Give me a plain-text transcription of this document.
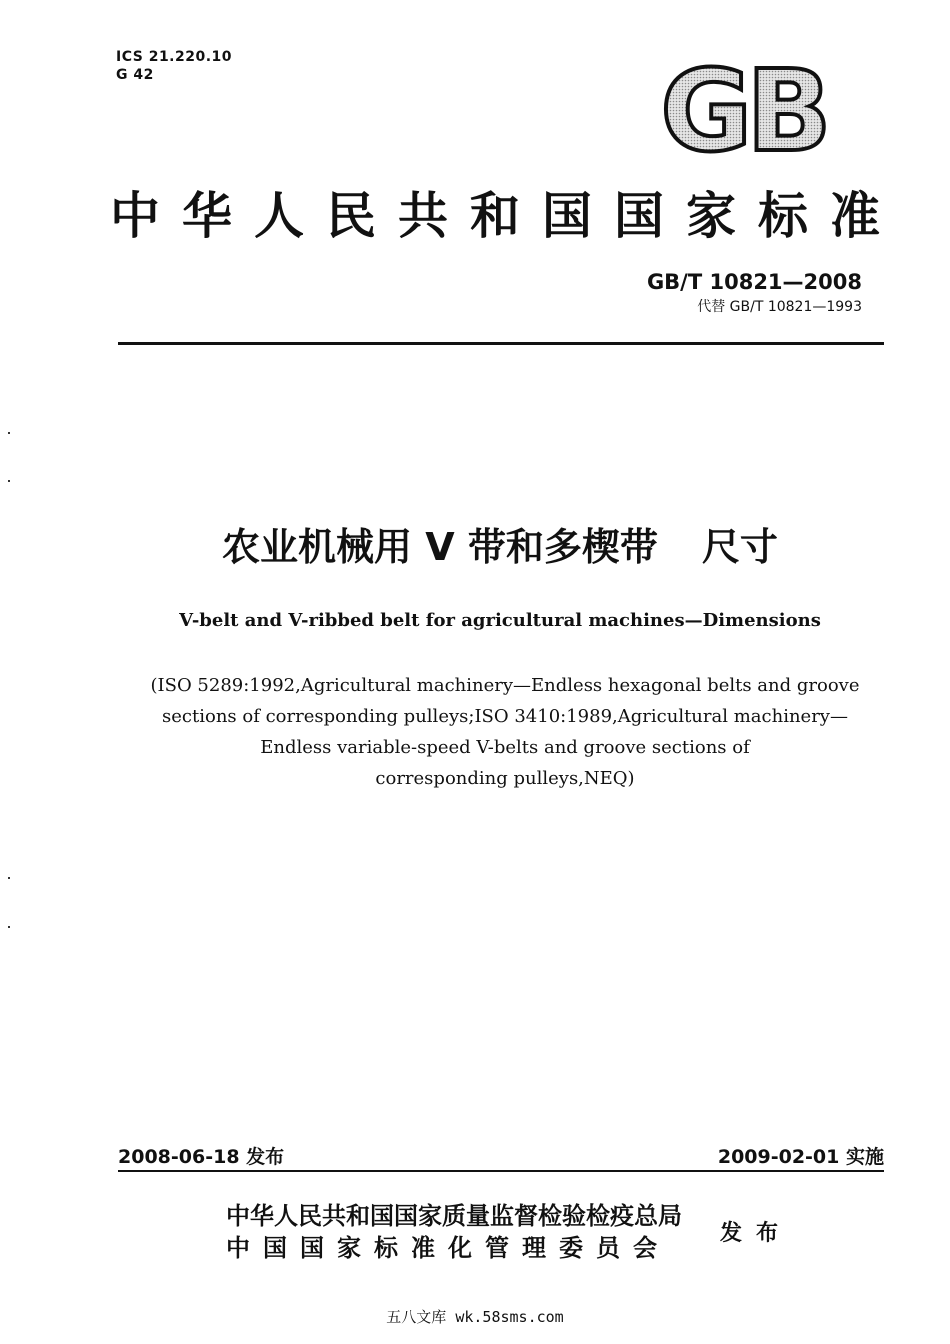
ICS 21.220.10
G 42	GB
中华人民共和国国家标准
GB/T 10821—2008
代替 GB/T 10821—1993
农业机械用 V 带和多楔带 尺寸
V-belt and V-ribbed belt for agricultural machines—Dimensions
(ISO 5289:1992,Agricultural machinery—Endless hexagonal belts and groove
sections of corresponding pulleys;ISO 3410:1989,Agricultural machinery—
Endless variable-speed V-belts and groove sections of
corresponding pulleys,NEQ)
2008-06-18 发布	2009-02-01 实施
中华人民共和国国家质量监督检验检疫总局
中国国家标准化管理委员会
发布
五八文库 wk.58sms.com
